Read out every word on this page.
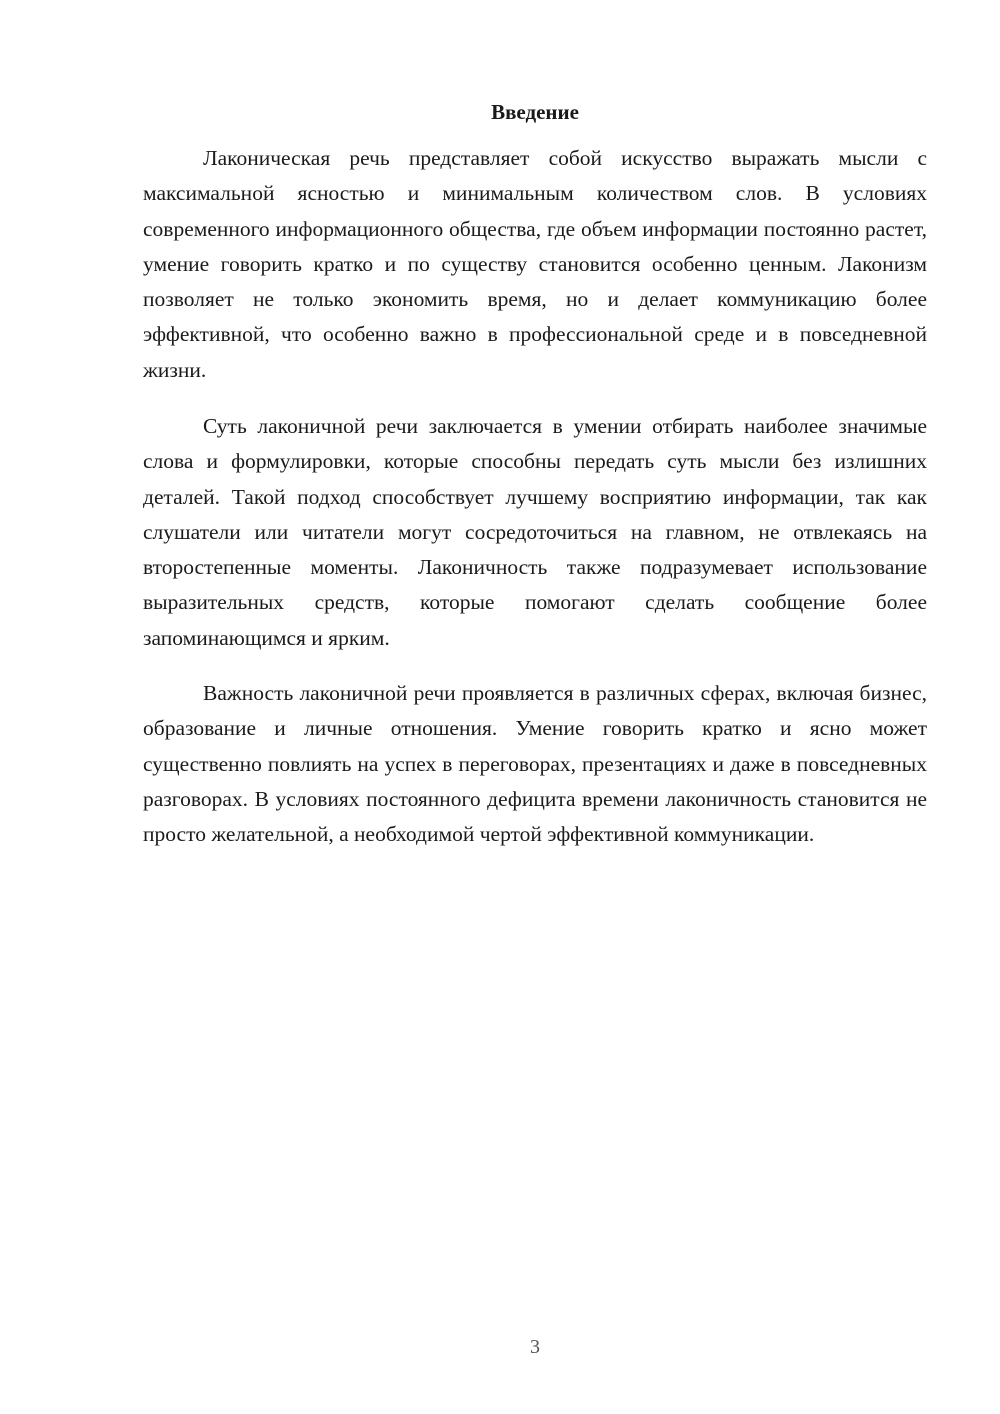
Введение

Лаконическая речь представляет собой искусство выражать мысли с максимальной ясностью и минимальным количеством слов. В условиях современного информационного общества, где объем информации постоянно растет, умение говорить кратко и по существу становится особенно ценным. Лаконизм позволяет не только экономить время, но и делает коммуникацию более эффективной, что особенно важно в профессиональной среде и в повседневной жизни.

Суть лаконичной речи заключается в умении отбирать наиболее значимые слова и формулировки, которые способны передать суть мысли без излишних деталей. Такой подход способствует лучшему восприятию информации, так как слушатели или читатели могут сосредоточиться на главном, не отвлекаясь на второстепенные моменты. Лаконичность также подразумевает использование выразительных средств, которые помогают сделать сообщение более запоминающимся и ярким.

Важность лаконичной речи проявляется в различных сферах, включая бизнес, образование и личные отношения. Умение говорить кратко и ясно может существенно повлиять на успех в переговорах, презентациях и даже в повседневных разговорах. В условиях постоянного дефицита времени лаконичность становится не просто желательной, а необходимой чертой эффективной коммуникации.

3
